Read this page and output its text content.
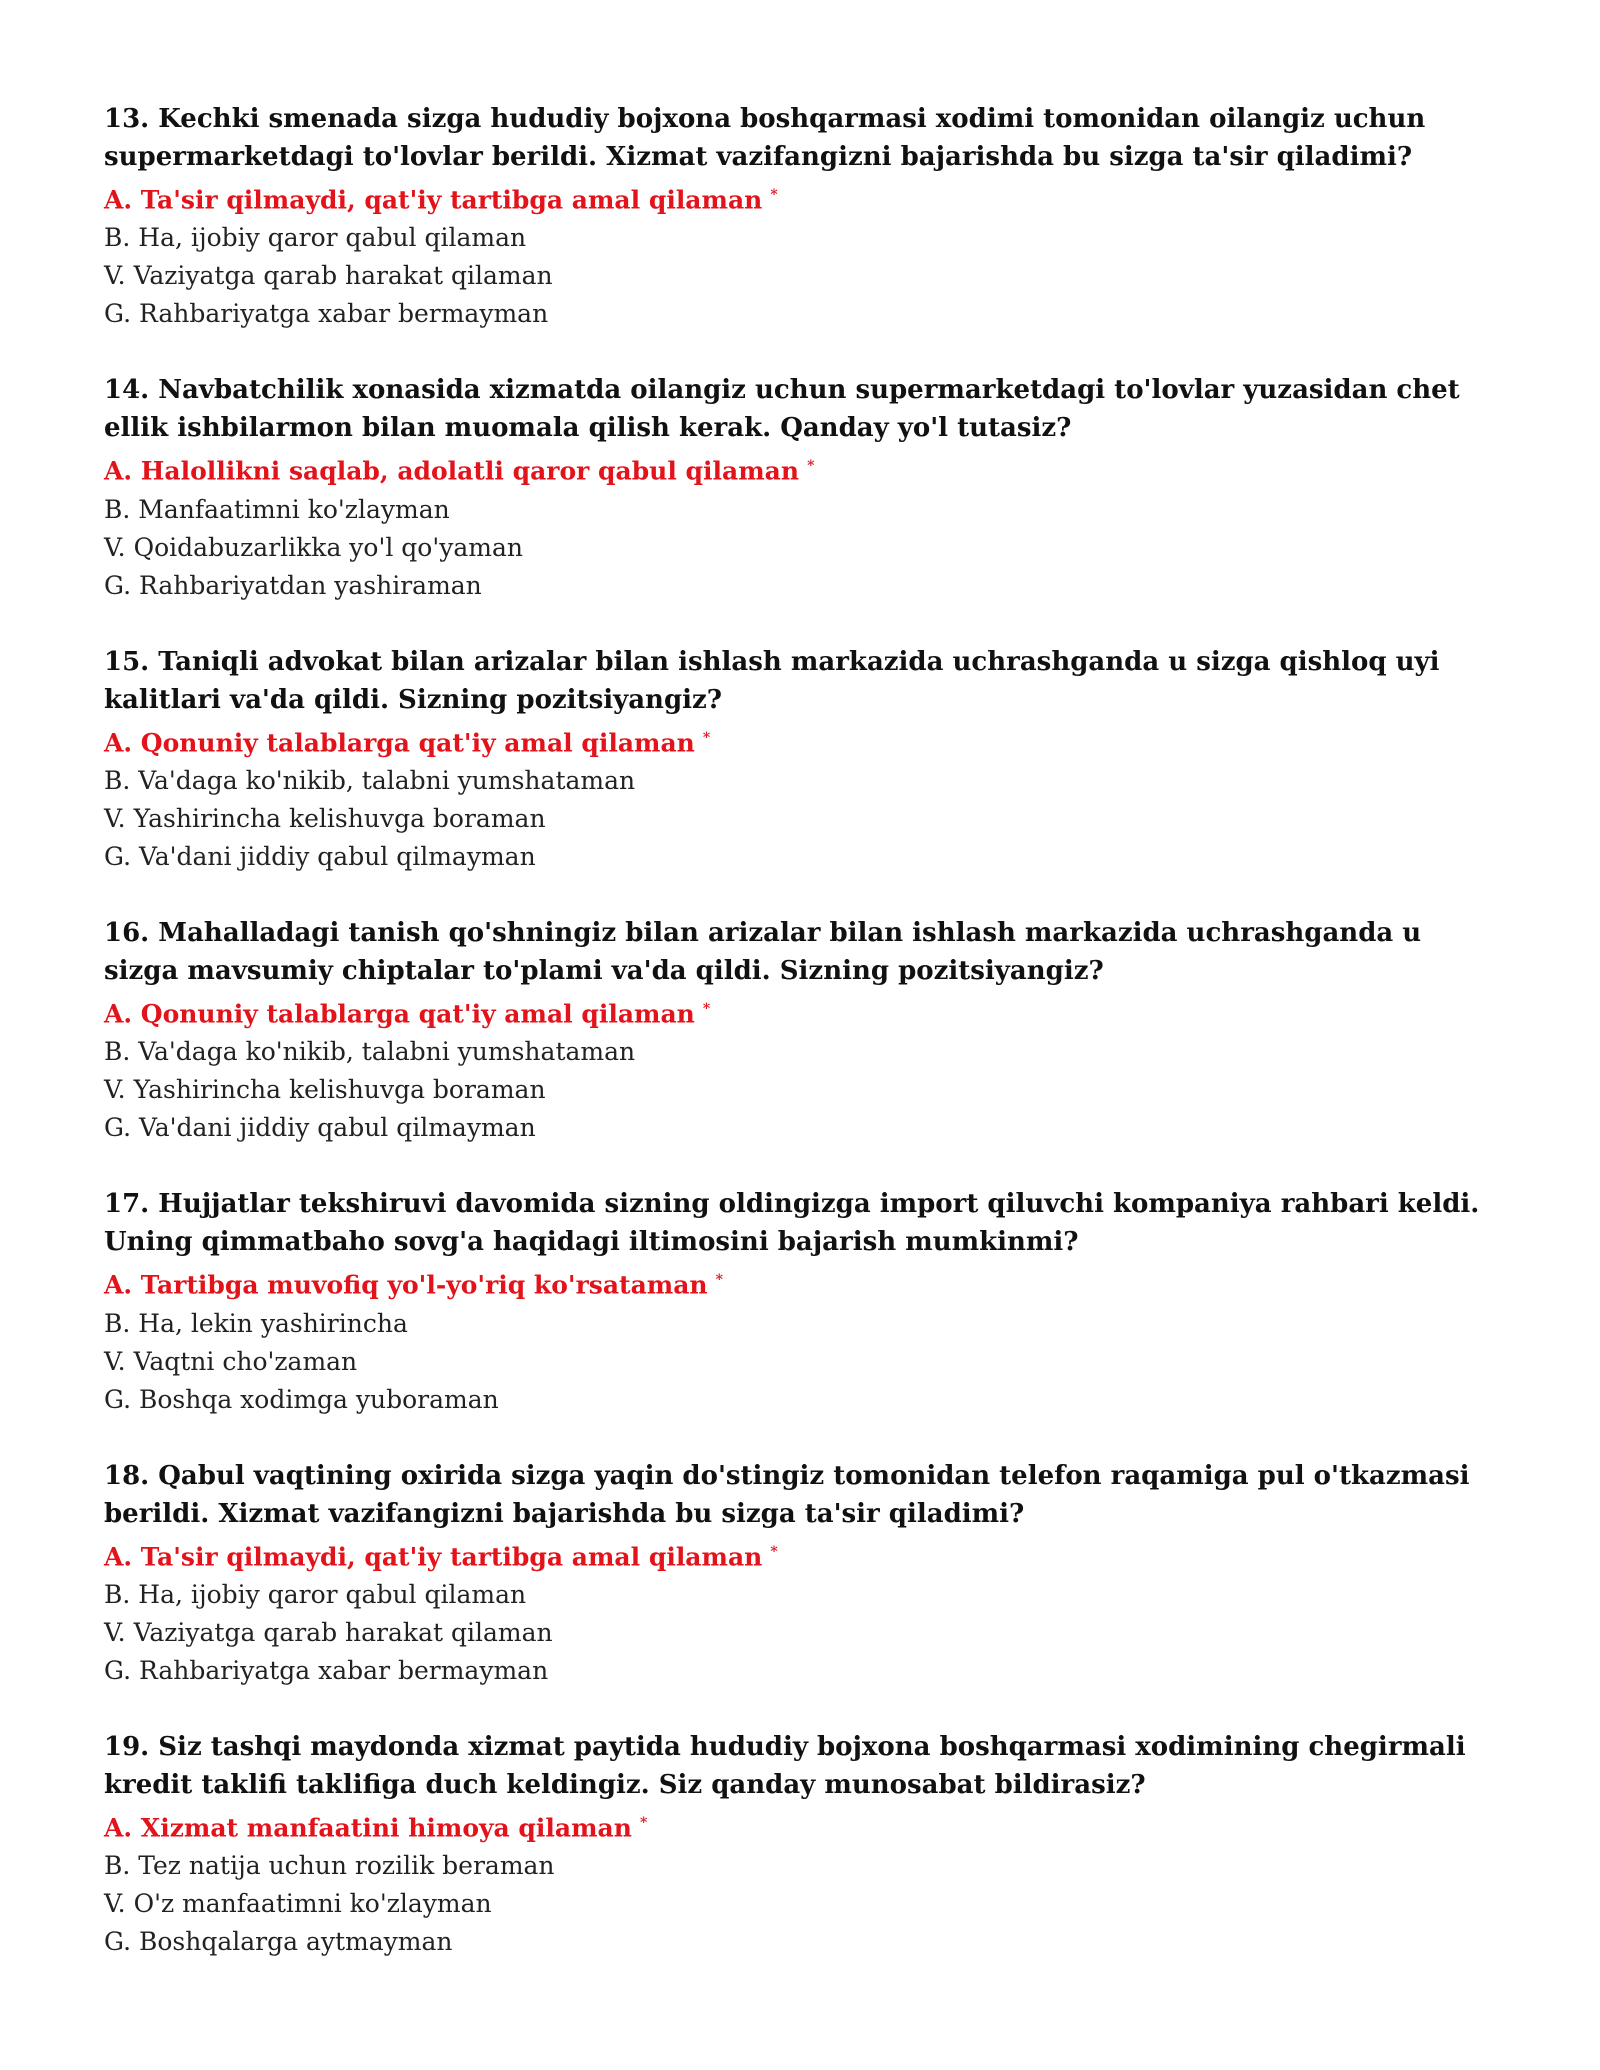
13. Kechki smenada sizga hududiy bojxona boshqarmasi xodimi tomonidan oilangiz uchun supermarketdagi to'lovlar berildi. Xizmat vazifangizni bajarishda bu sizga ta'sir qiladimi?

A. Ta'sir qilmaydi, qat'iy tartibga amal qilaman *
B. Ha, ijobiy qaror qabul qilaman
V. Vaziyatga qarab harakat qilaman
G. Rahbariyatga xabar bermayman

14. Navbatchilik xonasida xizmatda oilangiz uchun supermarketdagi to'lovlar yuzasidan chet ellik ishbilarmon bilan muomala qilish kerak. Qanday yo'l tutasiz?

A. Halollikni saqlab, adolatli qaror qabul qilaman *
B. Manfaatimni ko'zlayman
V. Qoidabuzarlikka yo'l qo'yaman
G. Rahbariyatdan yashiraman

15. Taniqli advokat bilan arizalar bilan ishlash markazida uchrashganda u sizga qishloq uyi kalitlari va'da qildi. Sizning pozitsiyangiz?

A. Qonuniy talablarga qat'iy amal qilaman *
B. Va'daga ko'nikib, talabni yumshataman
V. Yashirincha kelishuvga boraman
G. Va'dani jiddiy qabul qilmayman

16. Mahalladagi tanish qo'shningiz bilan arizalar bilan ishlash markazida uchrashganda u sizga mavsumiy chiptalar to'plami va'da qildi. Sizning pozitsiyangiz?

A. Qonuniy talablarga qat'iy amal qilaman *
B. Va'daga ko'nikib, talabni yumshataman
V. Yashirincha kelishuvga boraman
G. Va'dani jiddiy qabul qilmayman

17. Hujjatlar tekshiruvi davomida sizning oldingizga import qiluvchi kompaniya rahbari keldi. Uning qimmatbaho sovg'a haqidagi iltimosini bajarish mumkinmi?

A. Tartibga muvofiq yo'l-yo'riq ko'rsataman *
B. Ha, lekin yashirincha
V. Vaqtni cho'zaman
G. Boshqa xodimga yuboraman

18. Qabul vaqtining oxirida sizga yaqin do'stingiz tomonidan telefon raqamiga pul o'tkazmasi berildi. Xizmat vazifangizni bajarishda bu sizga ta'sir qiladimi?

A. Ta'sir qilmaydi, qat'iy tartibga amal qilaman *
B. Ha, ijobiy qaror qabul qilaman
V. Vaziyatga qarab harakat qilaman
G. Rahbariyatga xabar bermayman

19. Siz tashqi maydonda xizmat paytida hududiy bojxona boshqarmasi xodimining chegirmali kredit taklifi taklifiga duch keldingiz. Siz qanday munosabat bildirasiz?

A. Xizmat manfaatini himoya qilaman *
B. Tez natija uchun rozilik beraman
V. O'z manfaatimni ko'zlayman
G. Boshqalarga aytmayman
